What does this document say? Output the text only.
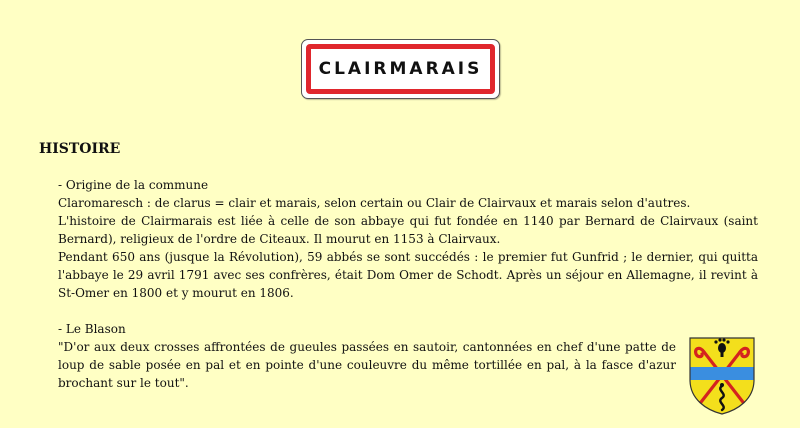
CLAIRMARAIS
HISTOIRE

- Origine de la commune

Claromaresch : de clarus = clair et marais, selon certain ou Clair de Clairvaux et marais selon d'autres.

L'histoire de Clairmarais est liée à celle de son abbaye qui fut fondée en 1140 par Bernard de Clairvaux (saint Bernard), religieux de l'ordre de Citeaux. Il mourut en 1153 à Clairvaux.

Pendant 650 ans (jusque la Révolution), 59 abbés se sont succédés : le premier fut Gunfrid ; le dernier, qui quitta l'abbaye le 29 avril 1791 avec ses confrères, était Dom Omer de Schodt. Après un séjour en Allemagne, il revint à St-Omer en 1800 et y mourut en 1806.

- Le Blason

"D'or aux deux crosses affrontées de gueules passées en sautoir, cantonnées en chef d'une patte de loup de sable posée en pal et en pointe d'une couleuvre du même tortillée en pal, à la fasce d'azur brochant sur le tout".
